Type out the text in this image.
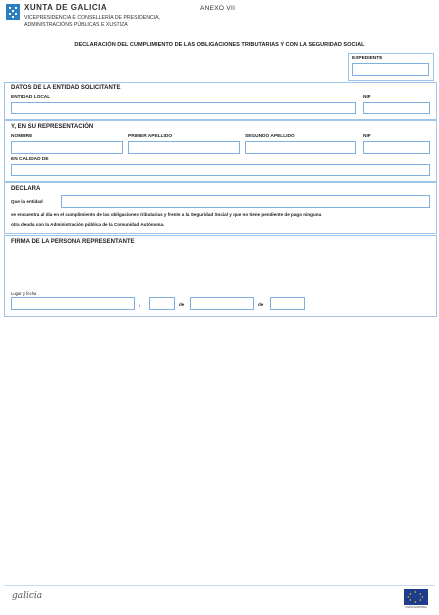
XUNTA DE GALICIA
VICEPRESIDENCIA E CONSELLERÍA DE PRESIDENCIA,
ADMINISTRACIÓNS PÚBLICAS E XUSTIZA
ANEXO VII
DECLARACIÓN DEL CUMPLIMIENTO DE LAS OBLIGACIONES TRIBUTARIAS Y CON LA SEGURIDAD SOCIAL
EXPEDIENTE
DATOS DE LA ENTIDAD SOLICITANTE
ENTIDAD LOCAL	NIF
Y, EN SU REPRESENTACIÓN
NOMBRE	PRIMER APELLIDO	SEGUNDO APELLIDO	NIF
EN CALIDAD DE
DECLARA
Que la entidad
se encuentra al día en el cumplimiento de las obligaciones tributarias y frente a la Seguridad Social y que no tiene pendiente de pago ninguna
otra deuda con la Administración pública de la Comunidad Autónoma.
FIRMA DE LA PERSONA REPRESENTANTE
Lugar y fecha
,	de	de
galicia	★ ★
★
★
★
★
★
★
UNIÓN EUROPEA
